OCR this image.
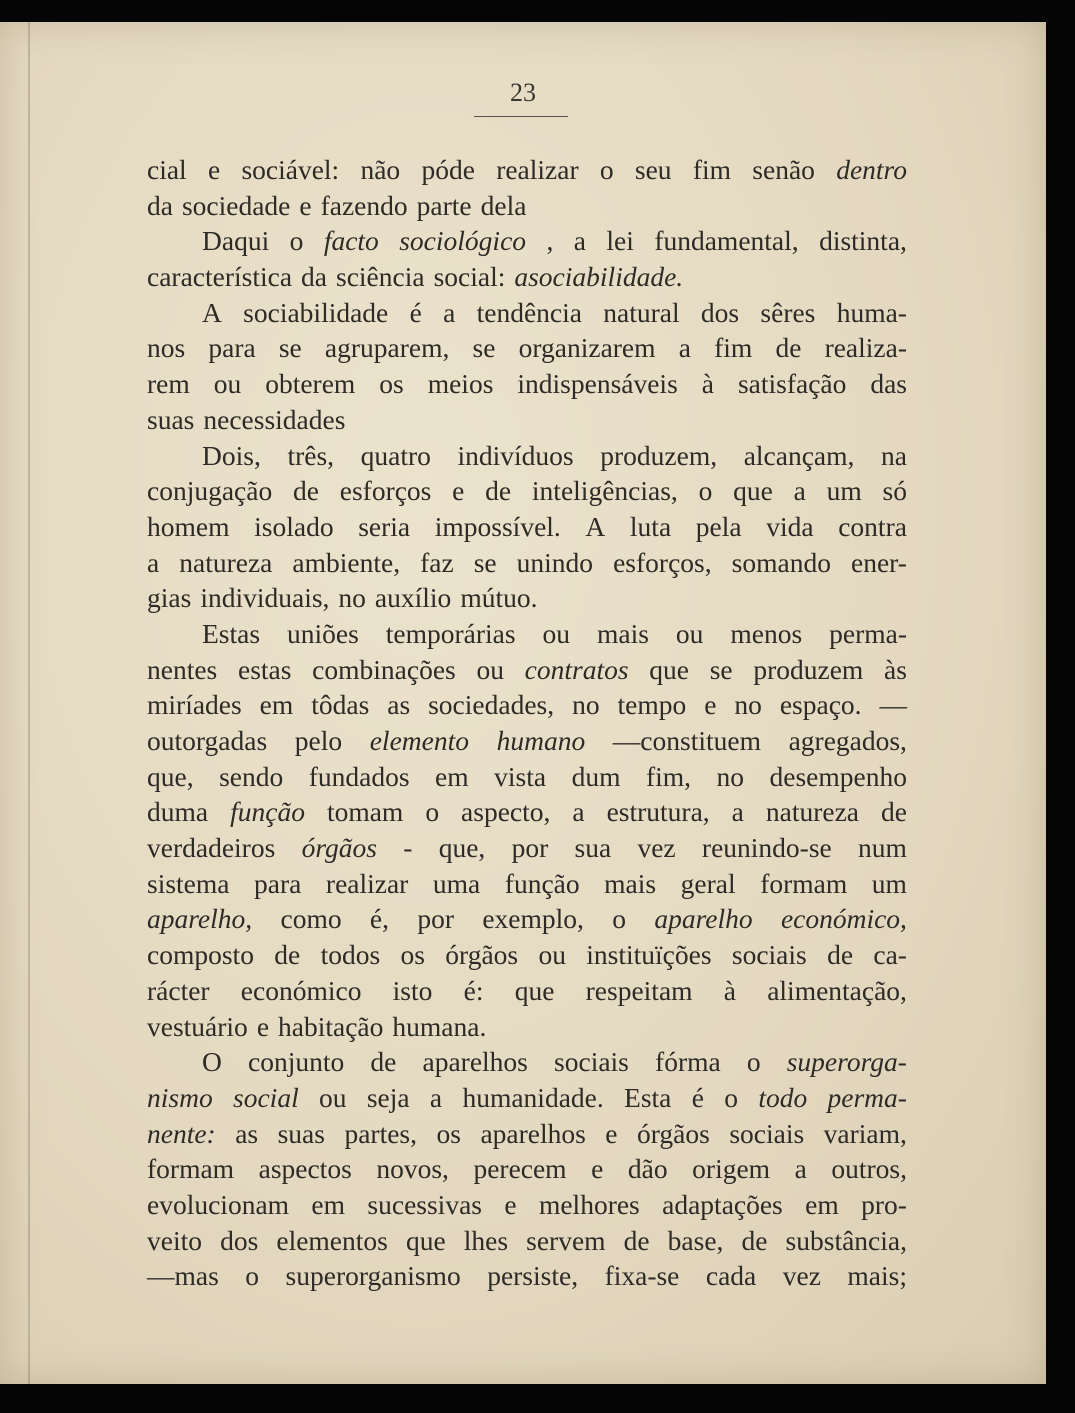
23
cial e sociável: não póde realizar o seu fim senão dentro
da sociedade e fazendo parte dela
Daqui o facto sociológico , a lei fundamental, distinta,
característica da sciência social: a sociabilidade.
A sociabilidade é a tendência natural dos sêres huma-
nos para se agruparem, se organizarem a fim de realiza-
rem ou obterem os meios indispensáveis à satisfação das
suas necessidades
Dois, três, quatro indivíduos produzem, alcançam, na
conjugação de esforços e de inteligências, o que a um só
homem isolado seria impossível. A luta pela vida contra
a natureza ambiente, faz se unindo esforços, somando ener-
gias individuais, no auxílio mútuo.
Estas uniões temporárias ou mais ou menos perma-
nentes estas combinações ou contratos que se produzem às
miríades em tôdas as sociedades, no tempo e no espaço. —
outorgadas pelo elemento humano —constituem agregados,
que, sendo fundados em vista dum fim, no desempenho
duma função tomam o aspecto, a estrutura, a natureza de
verdadeiros órgãos - que, por sua vez reunindo-se num
sistema para realizar uma função mais geral formam um
aparelho, como é, por exemplo, o aparelho económico,
composto de todos os órgãos ou instituïções sociais de ca-
rácter económico isto é: que respeitam à alimentação,
vestuário e habitação humana.
O conjunto de aparelhos sociais fórma o superorga-
nismo social ou seja a humanidade. Esta é o todo perma-
nente: as suas partes, os aparelhos e órgãos sociais variam,
formam aspectos novos, perecem e dão origem a outros,
evolucionam em sucessivas e melhores adaptações em pro-
veito dos elementos que lhes servem de base, de substância,
—mas o superorganismo persiste, fixa-se cada vez mais;
